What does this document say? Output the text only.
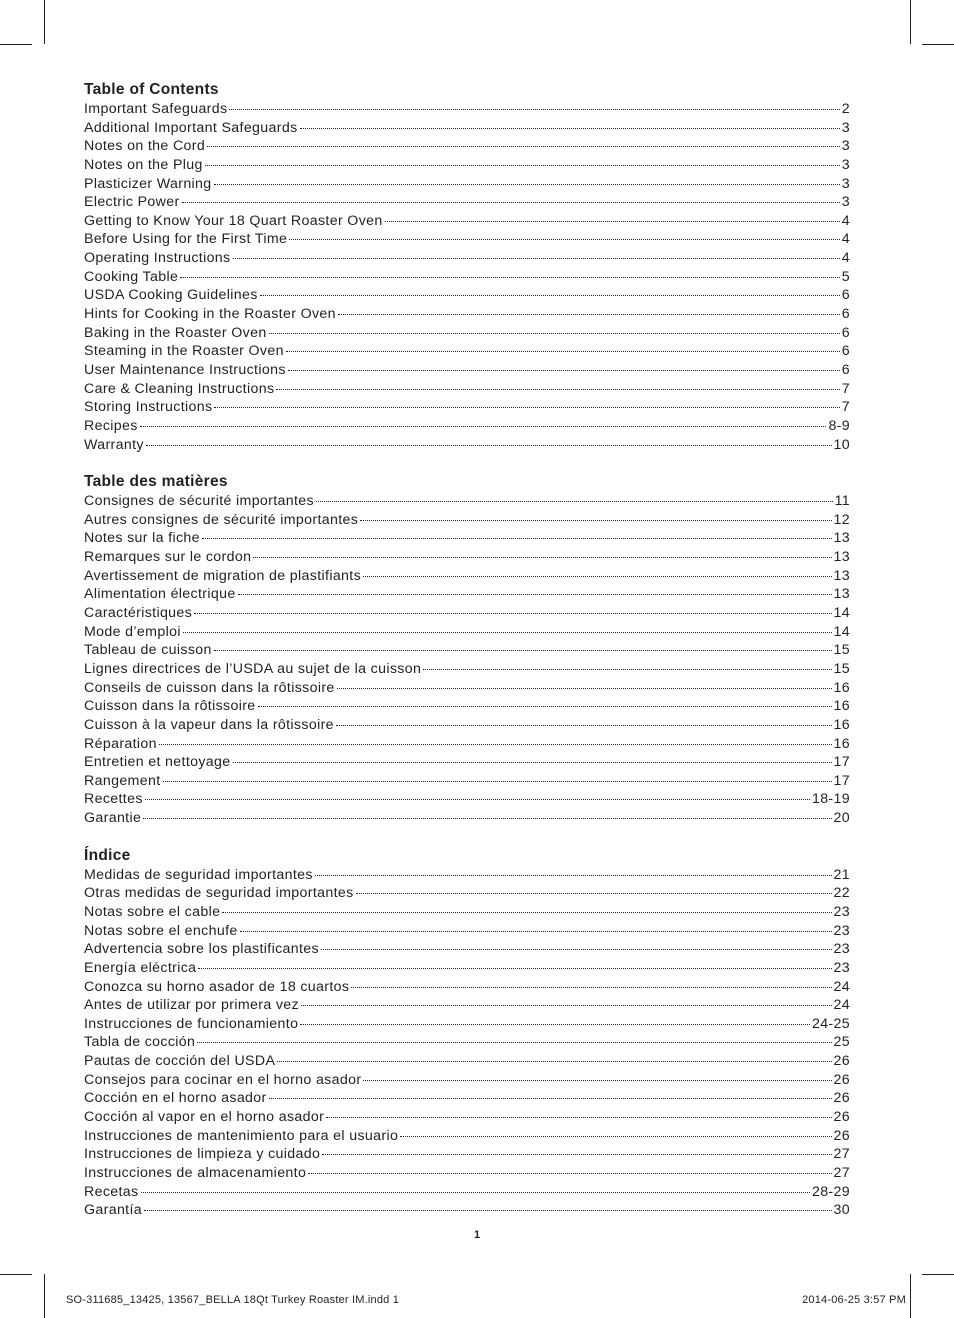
Table of Contents
Important Safeguards	2
Additional Important Safeguards	3
Notes on the Cord	3
Notes on the Plug	3
Plasticizer Warning	3
Electric Power	3
Getting to Know Your 18 Quart Roaster Oven	4
Before Using for the First Time	4
Operating Instructions	4
Cooking Table	5
USDA Cooking Guidelines	6
Hints for Cooking in the Roaster Oven	6
Baking in the Roaster Oven	6
Steaming in the Roaster Oven	6
User Maintenance Instructions	6
Care & Cleaning Instructions	7
Storing Instructions	7
Recipes	8-9
Warranty	10
Table des matières
Consignes de sécurité importantes	11
Autres consignes de sécurité importantes	12
Notes sur la fiche	13
Remarques sur le cordon	13
Avertissement de migration de plastifiants	13
Alimentation électrique	13
Caractéristiques	14
Mode d’emploi	14
Tableau de cuisson	15
Lignes directrices de l’USDA au sujet de la cuisson	15
Conseils de cuisson dans la rôtissoire	16
Cuisson dans la rôtissoire	16
Cuisson à la vapeur dans la rôtissoire	16
Réparation	16
Entretien et nettoyage	17
Rangement	17
Recettes	18-19
Garantie	20
Índice
Medidas de seguridad importantes	21
Otras medidas de seguridad importantes	22
Notas sobre el cable	23
Notas sobre el enchufe	23
Advertencia sobre los plastificantes	23
Energía eléctrica	23
Conozca su horno asador de 18 cuartos	24
Antes de utilizar por primera vez	24
Instrucciones de funcionamiento	24-25
Tabla de cocción	25
Pautas de cocción del USDA	26
Consejos para cocinar en el horno asador	26
Cocción en el horno asador	26
Cocción al vapor en el horno asador	26
Instrucciones de mantenimiento para el usuario	26
Instrucciones de limpieza y cuidado	27
Instrucciones de almacenamiento	27
Recetas	28-29
Garantía	30
1
SO-311685_13425, 13567_BELLA 18Qt Turkey Roaster IM.indd 1	2014-06-25 3:57 PM
